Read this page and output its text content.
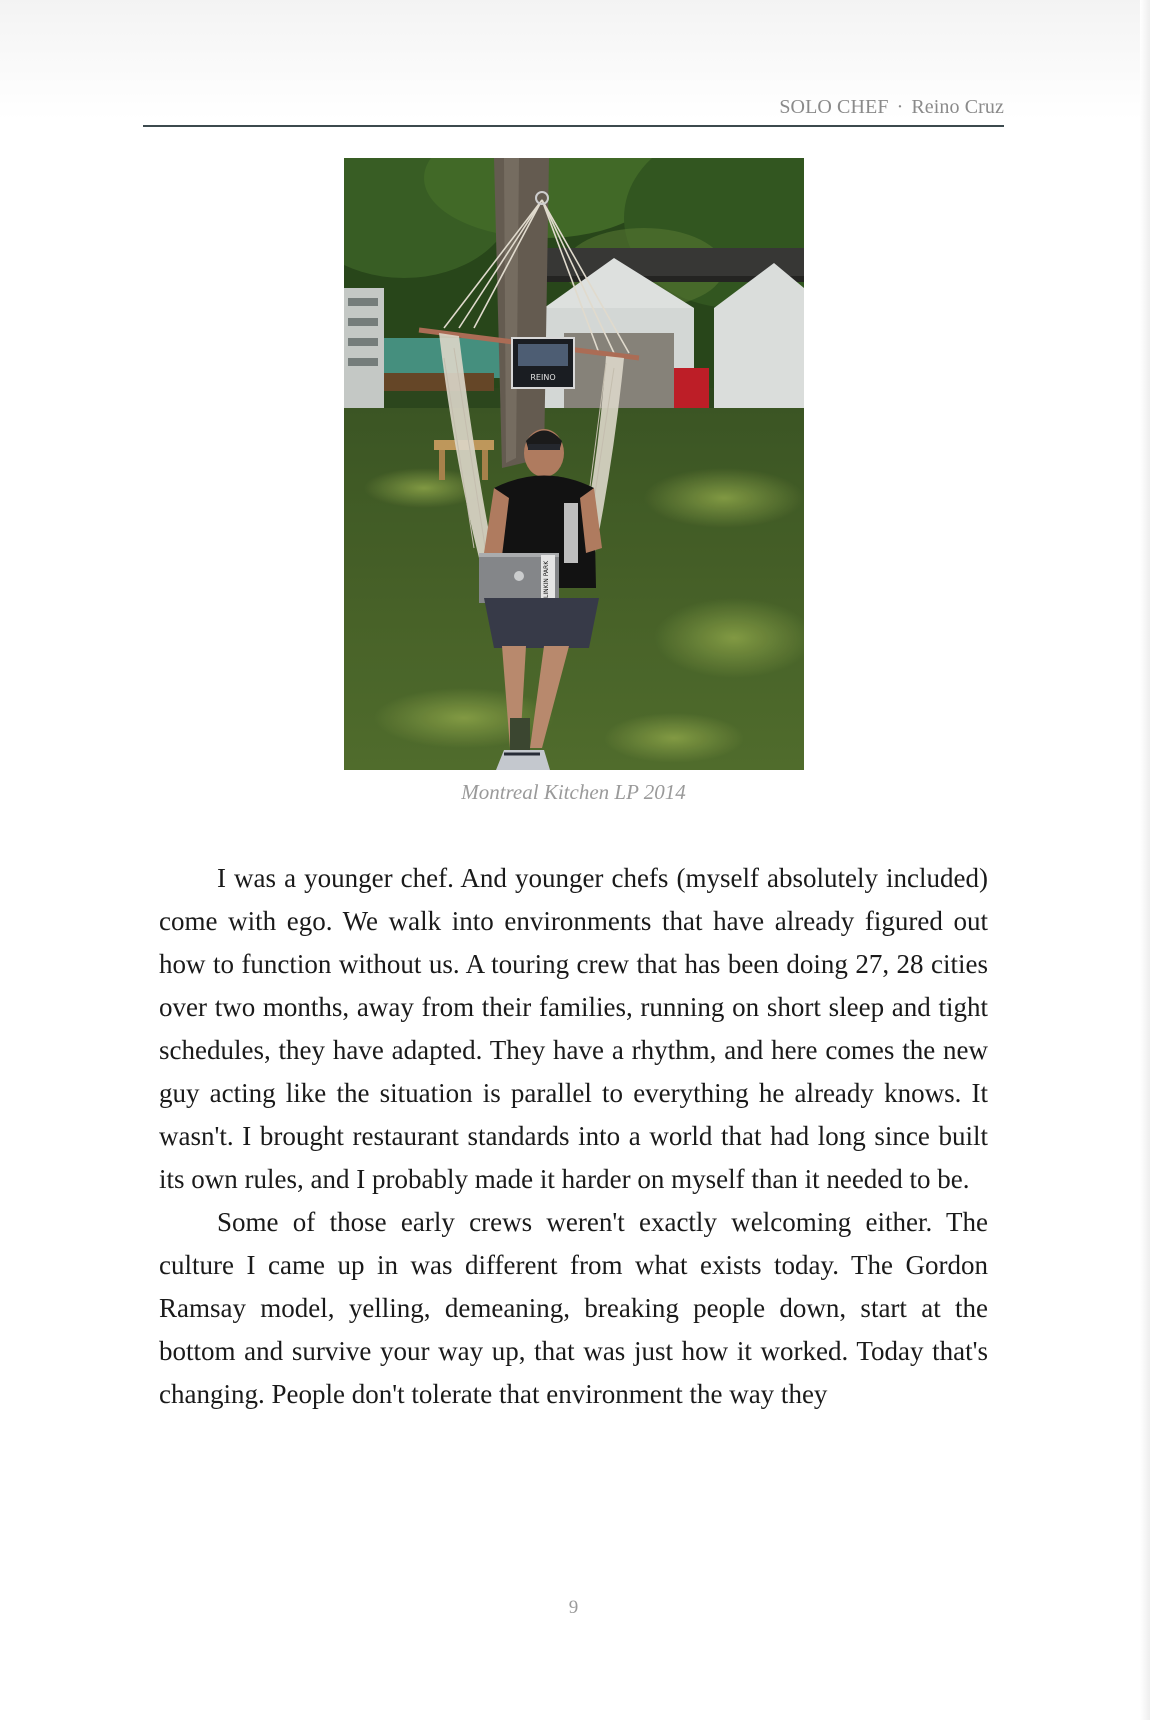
SOLO CHEF · Reino Cruz
REINO
LINKIN PARK
Montreal Kitchen LP 2014

I was a younger chef. And younger chefs (myself absolutely included) come with ego. We walk into environments that have already figured out how to function without us. A touring crew that has been doing 27, 28 cities over two months, away from their families, running on short sleep and tight schedules, they have adapted. They have a rhythm, and here comes the new guy acting like the situation is parallel to everything he already knows. It wasn't. I brought restaurant standards into a world that had long since built its own rules, and I probably made it harder on myself than it needed to be.

Some of those early crews weren't exactly welcoming either. The culture I came up in was different from what exists today. The Gordon Ramsay model, yelling, demeaning, breaking people down, start at the bottom and survive your way up, that was just how it worked. Today that's changing. People don't tolerate that environment the way they

9
